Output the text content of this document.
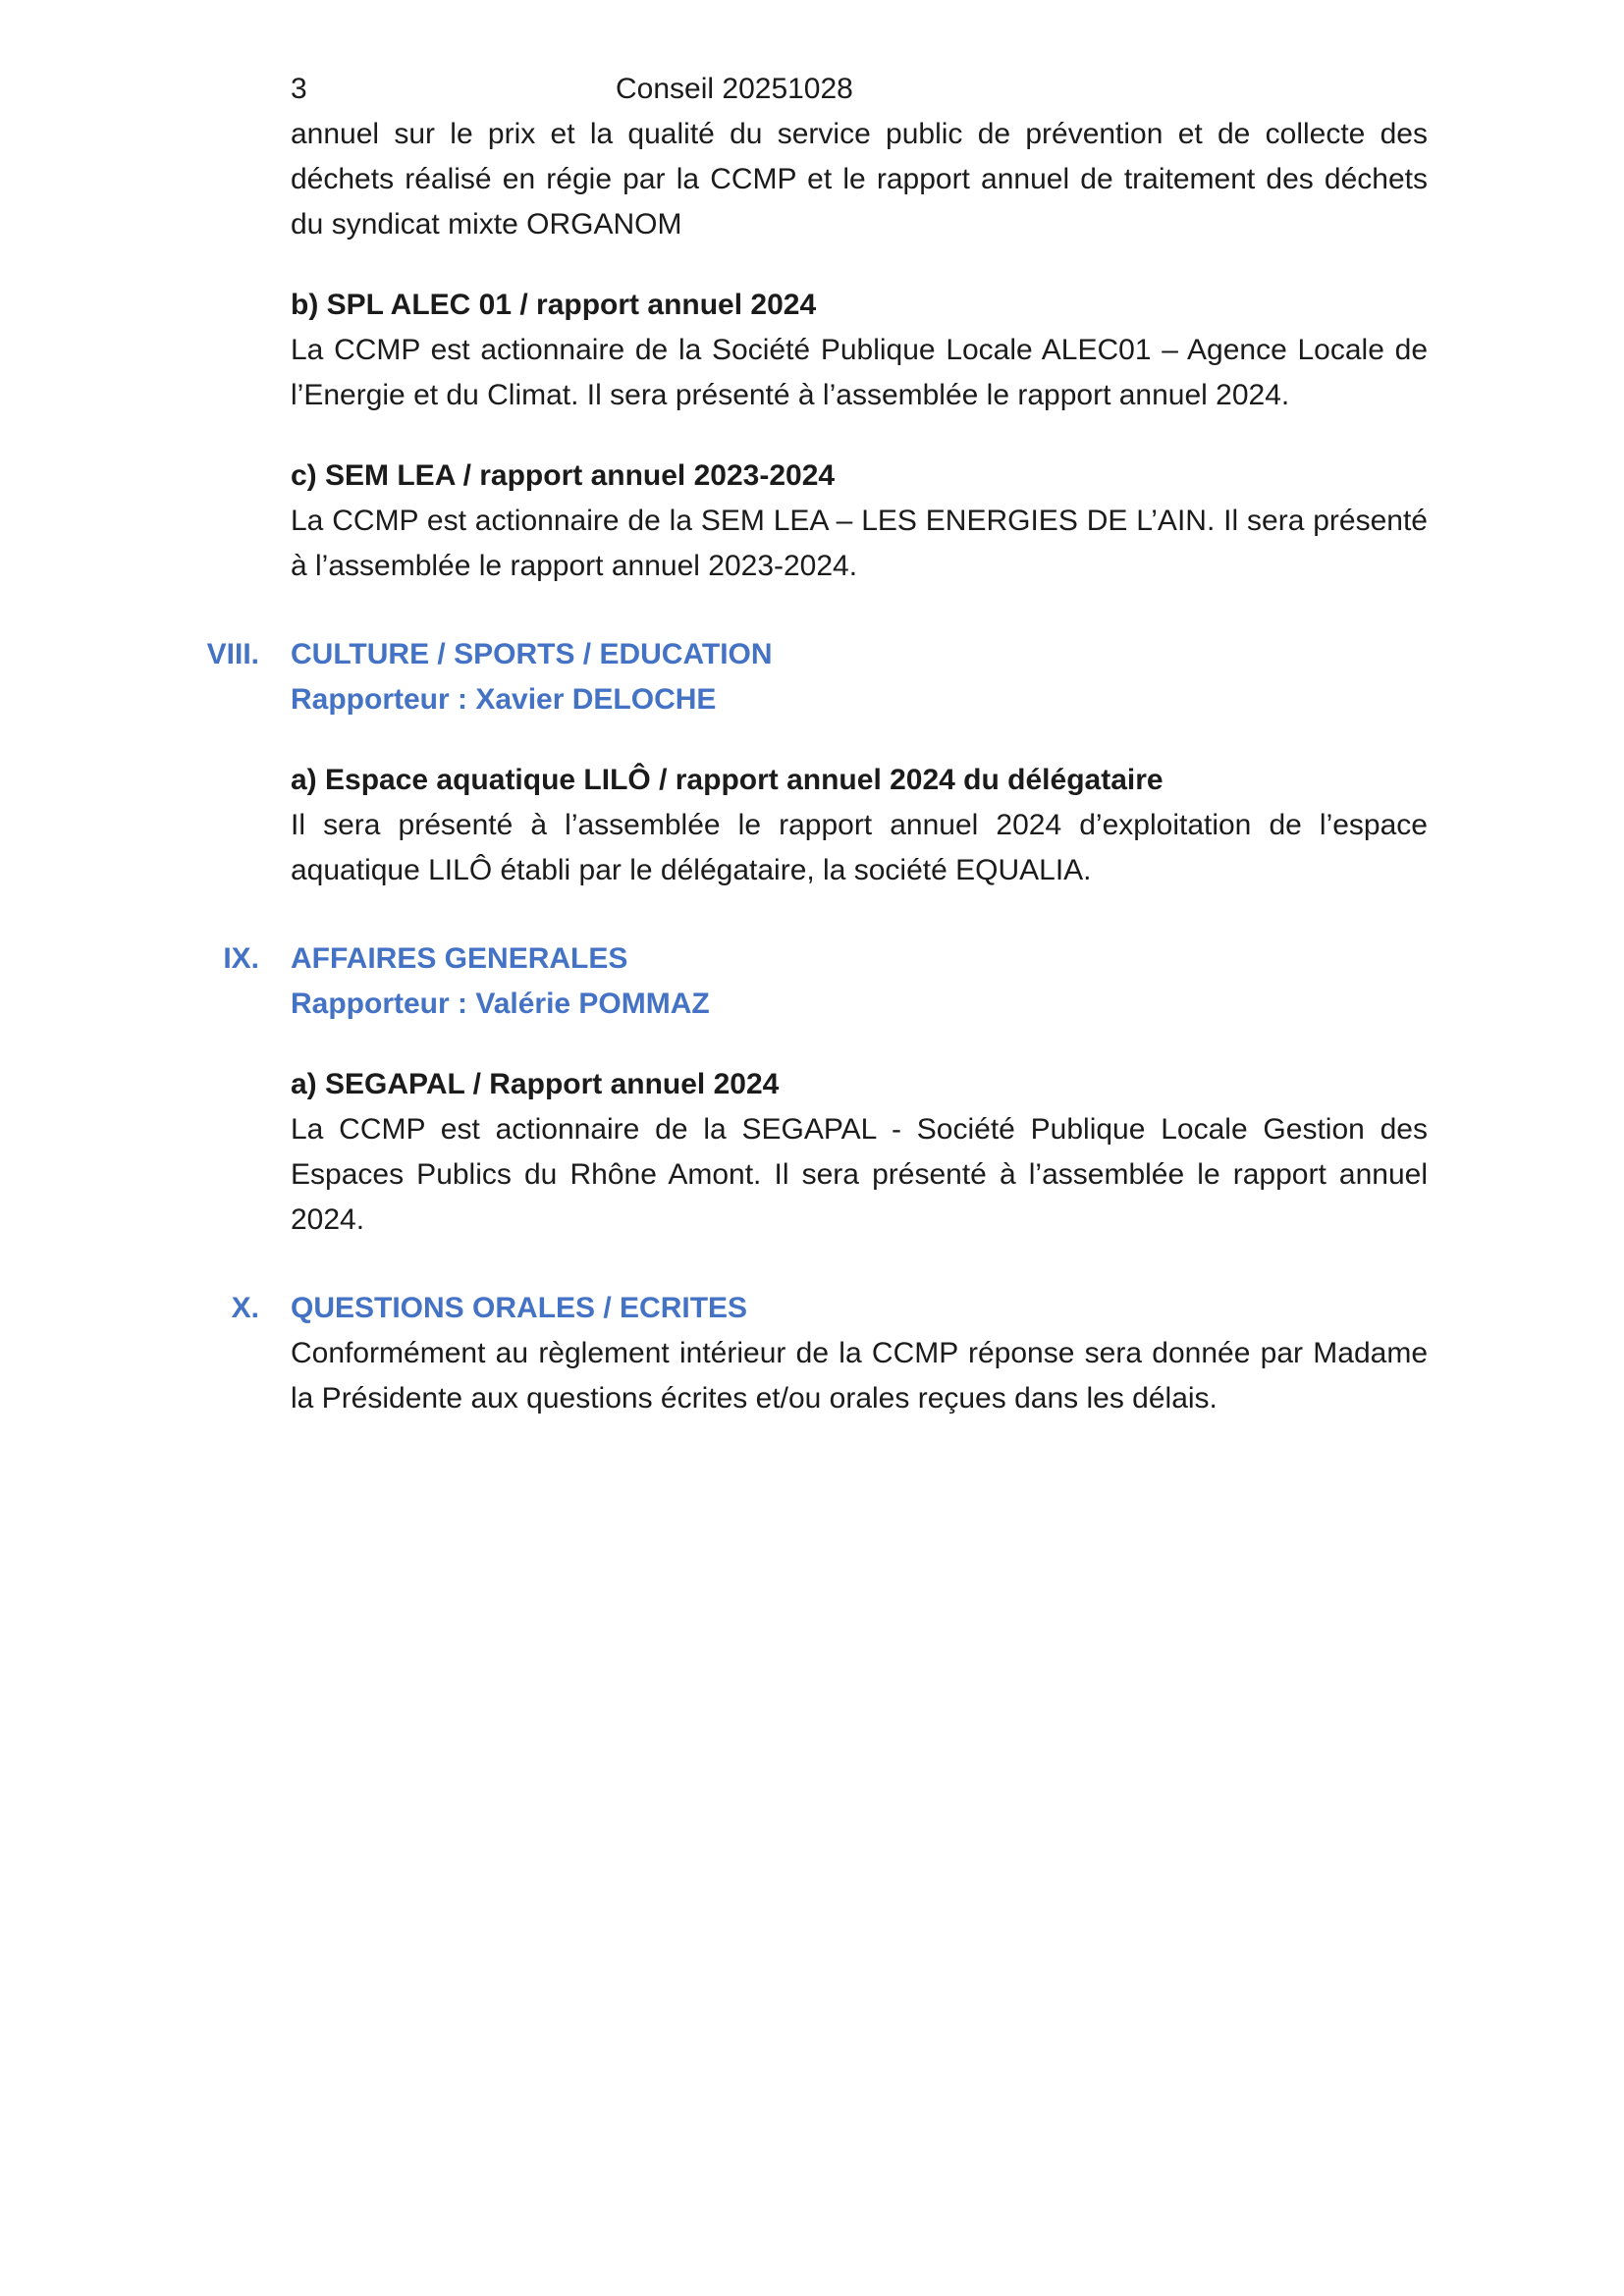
3	Conseil 20251028

annuel sur le prix et la qualité du service public de prévention et de collecte des déchets réalisé en régie par la CCMP et le rapport annuel de traitement des déchets du syndicat mixte ORGANOM

b) SPL ALEC 01 / rapport annuel 2024

La CCMP est actionnaire de la Société Publique Locale ALEC01 – Agence Locale de l’Energie et du Climat. Il sera présenté à l’assemblée le rapport annuel 2024.

c) SEM LEA / rapport annuel 2023-2024

La CCMP est actionnaire de la SEM LEA – LES ENERGIES DE L’AIN. Il sera présenté à l’assemblée le rapport annuel 2023-2024.

VIII. CULTURE / SPORTS / EDUCATION

Rapporteur : Xavier DELOCHE

a) Espace aquatique LILÔ / rapport annuel 2024 du délégataire

Il sera présenté à l’assemblée le rapport annuel 2024 d’exploitation de l’espace aquatique LILÔ établi par le délégataire, la société EQUALIA.

IX. AFFAIRES GENERALES

Rapporteur : Valérie POMMAZ

a) SEGAPAL / Rapport annuel 2024

La CCMP est actionnaire de la SEGAPAL - Société Publique Locale Gestion des Espaces Publics du Rhône Amont. Il sera présenté à l’assemblée le rapport annuel 2024.

X. QUESTIONS ORALES / ECRITES

Conformément au règlement intérieur de la CCMP réponse sera donnée par Madame la Présidente aux questions écrites et/ou orales reçues dans les délais.
